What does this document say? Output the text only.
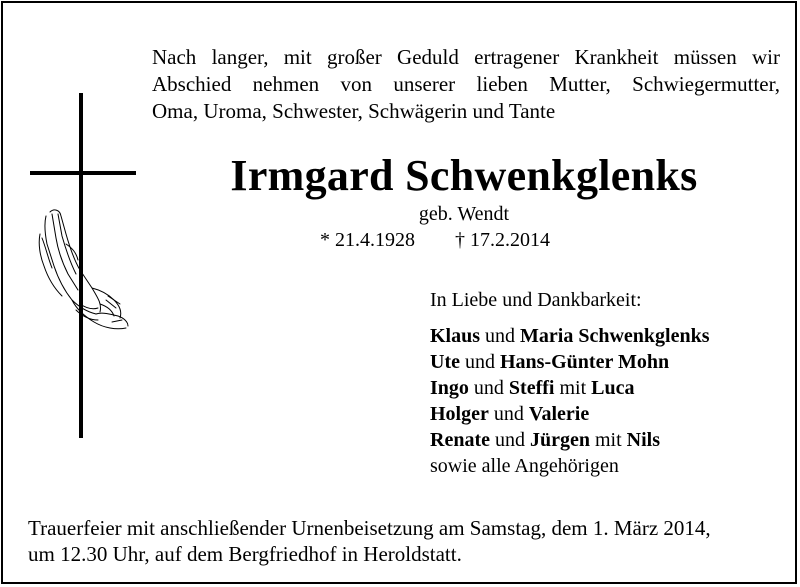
Nach langer, mit großer Geduld ertragener Krankheit müssen wir
Abschied nehmen von unserer lieben Mutter, Schwiegermutter,
Oma, Uroma, Schwester, Schwägerin und Tante
Irmgard Schwenkglenks
geb. Wendt
* 21.4.1928 † 17.2.2014
In Liebe und Dankbarkeit:
Klaus und Maria Schwenkglenks
Ute und Hans-Günter Mohn
Ingo und Steffi mit Luca
Holger und Valerie
Renate und Jürgen mit Nils
sowie alle Angehörigen
Trauerfeier mit anschließender Urnenbeisetzung am Samstag, dem 1. März 2014,
um 12.30 Uhr, auf dem Bergfriedhof in Heroldstatt.
